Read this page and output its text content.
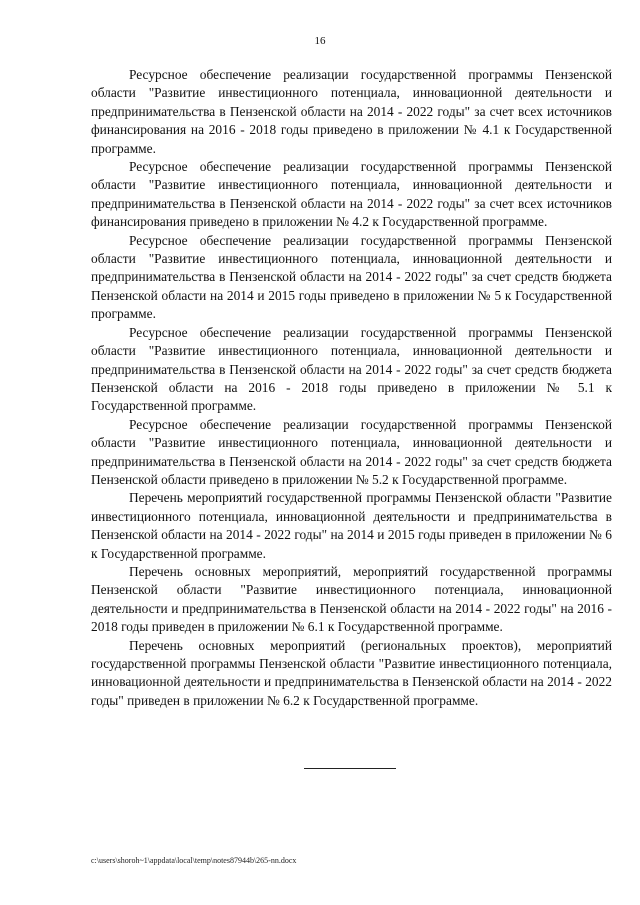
16

Ресурсное обеспечение реализации государственной программы Пензенской области "Развитие инвестиционного потенциала, инновационной деятельности и предпринимательства в Пензенской области на 2014 - 2022 годы" за счет всех источников финансирования на 2016 - 2018 годы приведено в приложении № 4.1 к Государственной программе.

Ресурсное обеспечение реализации государственной программы Пензенской области "Развитие инвестиционного потенциала, инновационной деятельности и предпринимательства в Пензенской области на 2014 - 2022 годы" за счет всех источников финансирования приведено в приложении № 4.2 к Государственной программе.

Ресурсное обеспечение реализации государственной программы Пензенской области "Развитие инвестиционного потенциала, инновационной деятельности и предпринимательства в Пензенской области на 2014 - 2022 годы" за счет средств бюджета Пензенской области на 2014 и 2015 годы приведено в приложении № 5 к Государственной программе.

Ресурсное обеспечение реализации государственной программы Пензенской области "Развитие инвестиционного потенциала, инновационной деятельности и предпринимательства в Пензенской области на 2014 - 2022 годы" за счет средств бюджета Пензенской области на 2016 - 2018 годы приведено в приложении № 5.1 к Государственной программе.

Ресурсное обеспечение реализации государственной программы Пензенской области "Развитие инвестиционного потенциала, инновационной деятельности и предпринимательства в Пензенской области на 2014 - 2022 годы" за счет средств бюджета Пензенской области приведено в приложении № 5.2 к Государственной программе.

Перечень мероприятий государственной программы Пензенской области "Развитие инвестиционного потенциала, инновационной деятельности и предпринимательства в Пензенской области на 2014 - 2022 годы" на 2014 и 2015 годы приведен в приложении № 6 к Государственной программе.

Перечень основных мероприятий, мероприятий государственной программы Пензенской области "Развитие инвестиционного потенциала, инновационной деятельности и предпринимательства в Пензенской области на 2014 - 2022 годы" на 2016 - 2018 годы приведен в приложении № 6.1 к Государственной программе.

Перечень основных мероприятий (региональных проектов), мероприятий государственной программы Пензенской области "Развитие инвестиционного потенциала, инновационной деятельности и предпринимательства в Пензенской области на 2014 - 2022 годы" приведен в приложении № 6.2 к Государственной программе.

c:\users\shoroh~1\appdata\local\temp\notes87944b\265-nn.docx
